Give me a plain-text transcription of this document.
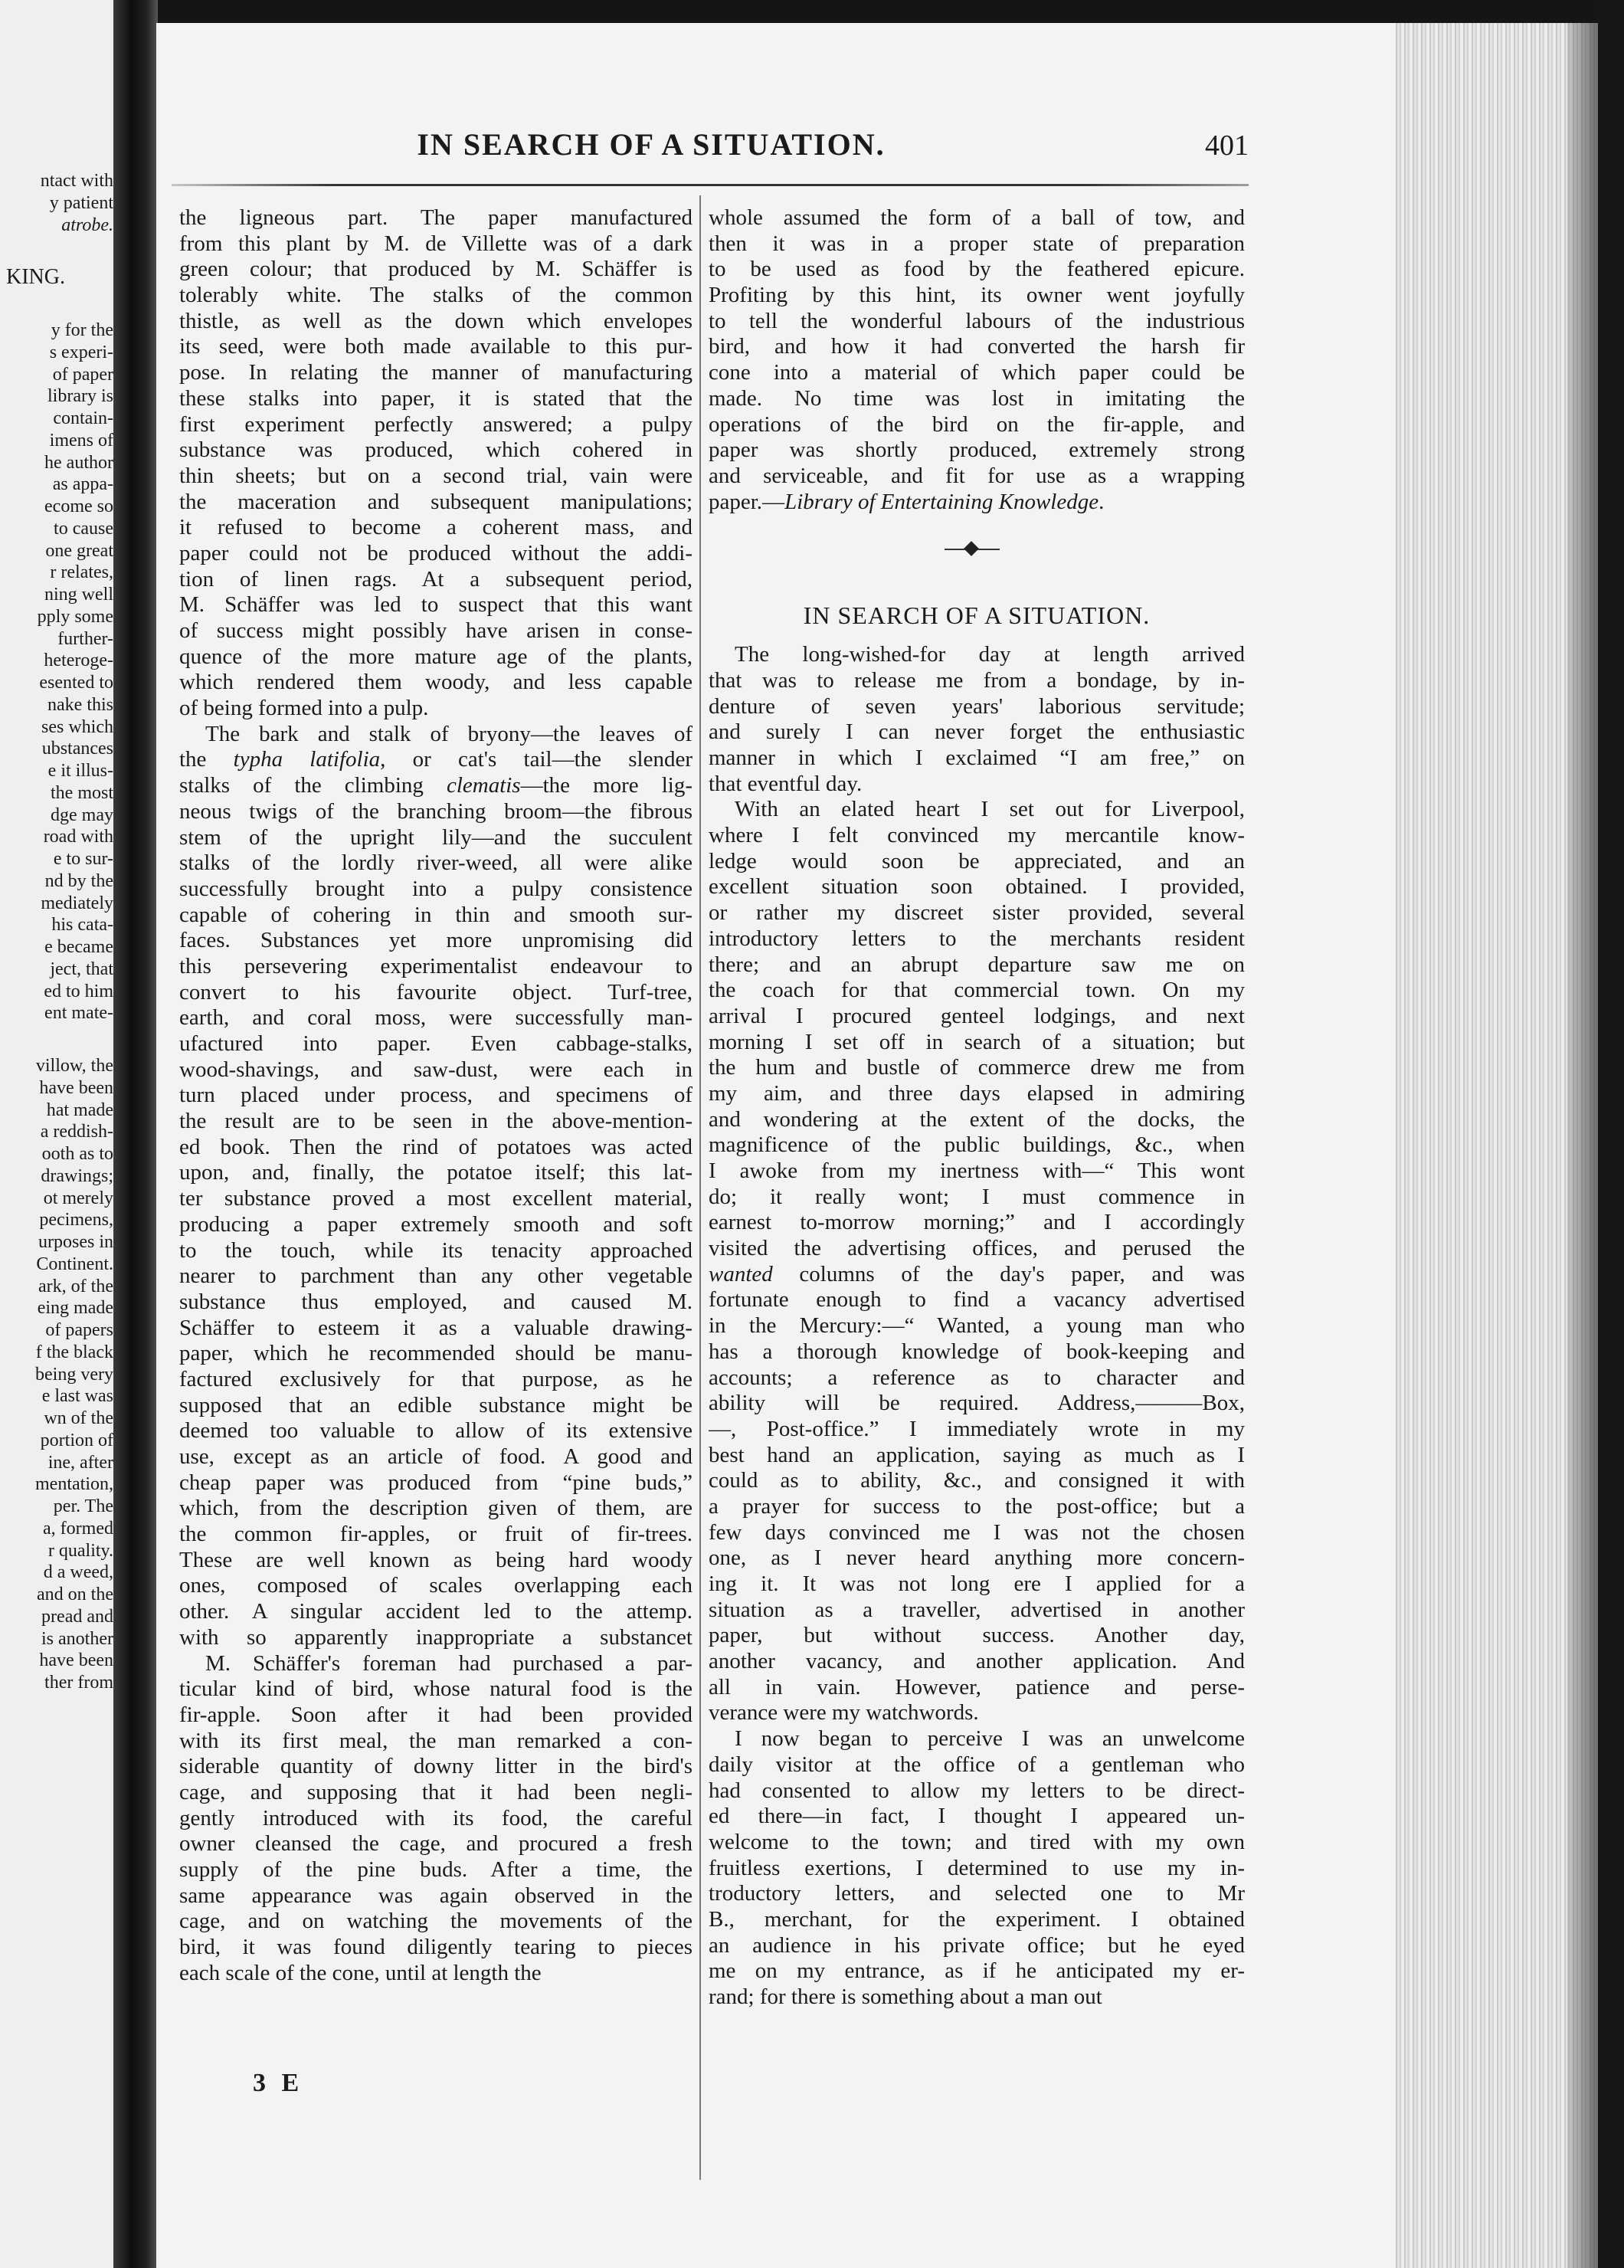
ntact with
y patient
atrobe.
KING.
y for the
s experi-
of paper
library is
contain-
imens of
he author
as appa-
ecome so
to cause
one great
r relates,
ning well
pply some
further-
heteroge-
esented to
nake this
ses which
ubstances
e it illus-
the most
dge may
road with
e to sur-
nd by the
mediately
his cata-
e became
ject, that
ed to him
ent mate-
villow, the
have been
hat made
a reddish-
ooth as to
drawings;
ot merely
pecimens,
urposes in
Continent.
ark, of the
eing made
of papers
f the black
being very
e last was
wn of the
portion of
ine, after
mentation,
per. The
a, formed
r quality.
d a weed,
and on the
pread and
is another
have been
ther from
IN SEARCH OF A SITUATION.	401
the ligneous part. The paper manufactured
from this plant by M. de Villette was of a dark
green colour; that produced by M. Schäffer is
tolerably white. The stalks of the common
thistle, as well as the down which envelopes
its seed, were both made available to this pur-
pose. In relating the manner of manufacturing
these stalks into paper, it is stated that the
first experiment perfectly answered; a pulpy
substance was produced, which cohered in
thin sheets; but on a second trial, vain were
the maceration and subsequent manipulations;
it refused to become a coherent mass, and
paper could not be produced without the addi-
tion of linen rags. At a subsequent period,
M. Schäffer was led to suspect that this want
of success might possibly have arisen in conse-
quence of the more mature age of the plants,
which rendered them woody, and less capable
of being formed into a pulp.
The bark and stalk of bryony—the leaves of
the typha latifolia, or cat's tail—the slender
stalks of the climbing clematis—the more lig-
neous twigs of the branching broom—the fibrous
stem of the upright lily—and the succulent
stalks of the lordly river-weed, all were alike
successfully brought into a pulpy consistence
capable of cohering in thin and smooth sur-
faces. Substances yet more unpromising did
this persevering experimentalist endeavour to
convert to his favourite object. Turf-tree,
earth, and coral moss, were successfully man-
ufactured into paper. Even cabbage-stalks,
wood-shavings, and saw-dust, were each in
turn placed under process, and specimens of
the result are to be seen in the above-mention-
ed book. Then the rind of potatoes was acted
upon, and, finally, the potatoe itself; this lat-
ter substance proved a most excellent material,
producing a paper extremely smooth and soft
to the touch, while its tenacity approached
nearer to parchment than any other vegetable
substance thus employed, and caused M.
Schäffer to esteem it as a valuable drawing-
paper, which he recommended should be manu-
factured exclusively for that purpose, as he
supposed that an edible substance might be
deemed too valuable to allow of its extensive
use, except as an article of food. A good and
cheap paper was produced from “pine buds,”
which, from the description given of them, are
the common fir-apples, or fruit of fir-trees.
These are well known as being hard woody
ones, composed of scales overlapping each
other. A singular accident led to the attemp.
with so apparently inappropriate a substancet
M. Schäffer's foreman had purchased a par-
ticular kind of bird, whose natural food is the
fir-apple. Soon after it had been provided
with its first meal, the man remarked a con-
siderable quantity of downy litter in the bird's
cage, and supposing that it had been negli-
gently introduced with its food, the careful
owner cleansed the cage, and procured a fresh
supply of the pine buds. After a time, the
same appearance was again observed in the
cage, and on watching the movements of the
bird, it was found diligently tearing to pieces
each scale of the cone, until at length the
3 E
whole assumed the form of a ball of tow, and
then it was in a proper state of preparation
to be used as food by the feathered epicure.
Profiting by this hint, its owner went joyfully
to tell the wonderful labours of the industrious
bird, and how it had converted the harsh fir
cone into a material of which paper could be
made. No time was lost in imitating the
operations of the bird on the fir-apple, and
paper was shortly produced, extremely strong
and serviceable, and fit for use as a wrapping
paper.—Library of Entertaining Knowledge.
IN SEARCH OF A SITUATION.
The long-wished-for day at length arrived
that was to release me from a bondage, by in-
denture of seven years' laborious servitude;
and surely I can never forget the enthusiastic
manner in which I exclaimed “I am free,” on
that eventful day.
With an elated heart I set out for Liverpool,
where I felt convinced my mercantile know-
ledge would soon be appreciated, and an
excellent situation soon obtained. I provided,
or rather my discreet sister provided, several
introductory letters to the merchants resident
there; and an abrupt departure saw me on
the coach for that commercial town. On my
arrival I procured genteel lodgings, and next
morning I set off in search of a situation; but
the hum and bustle of commerce drew me from
my aim, and three days elapsed in admiring
and wondering at the extent of the docks, the
magnificence of the public buildings, &c., when
I awoke from my inertness with—“ This wont
do; it really wont; I must commence in
earnest to-morrow morning;” and I accordingly
visited the advertising offices, and perused the
wanted columns of the day's paper, and was
fortunate enough to find a vacancy advertised
in the Mercury:—“ Wanted, a young man who
has a thorough knowledge of book-keeping and
accounts; a reference as to character and
ability will be required. Address,———Box,
—, Post-office.” I immediately wrote in my
best hand an application, saying as much as I
could as to ability, &c., and consigned it with
a prayer for success to the post-office; but a
few days convinced me I was not the chosen
one, as I never heard anything more concern-
ing it. It was not long ere I applied for a
situation as a traveller, advertised in another
paper, but without success. Another day,
another vacancy, and another application. And
all in vain. However, patience and perse-
verance were my watchwords.
I now began to perceive I was an unwelcome
daily visitor at the office of a gentleman who
had consented to allow my letters to be direct-
ed there—in fact, I thought I appeared un-
welcome to the town; and tired with my own
fruitless exertions, I determined to use my in-
troductory letters, and selected one to Mr
B., merchant, for the experiment. I obtained
an audience in his private office; but he eyed
me on my entrance, as if he anticipated my er-
rand; for there is something about a man out
